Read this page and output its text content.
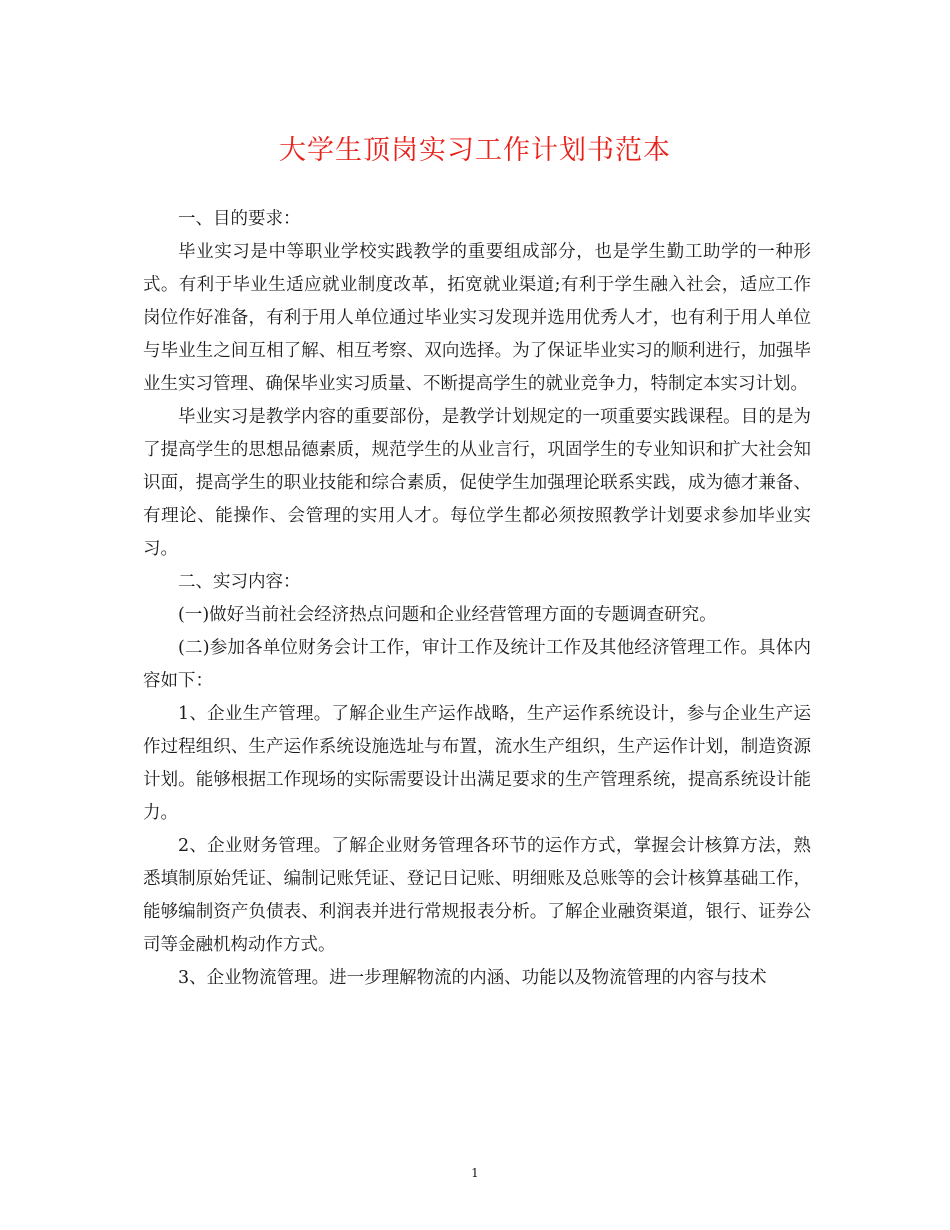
大学生顶岗实习工作计划书范本

一、目的要求：

毕业实习是中等职业学校实践教学的重要组成部分，也是学生勤工助学的一种形式。有利于毕业生适应就业制度改革，拓宽就业渠道;有利于学生融入社会，适应工作岗位作好准备，有利于用人单位通过毕业实习发现并选用优秀人才，也有利于用人单位与毕业生之间互相了解、相互考察、双向选择。为了保证毕业实习的顺利进行，加强毕业生实习管理、确保毕业实习质量、不断提高学生的就业竞争力，特制定本实习计划。

毕业实习是教学内容的重要部份，是教学计划规定的一项重要实践课程。目的是为了提高学生的思想品德素质，规范学生的从业言行，巩固学生的专业知识和扩大社会知识面，提高学生的职业技能和综合素质，促使学生加强理论联系实践，成为德才兼备、有理论、能操作、会管理的实用人才。每位学生都必须按照教学计划要求参加毕业实习。

二、实习内容：

(一)做好当前社会经济热点问题和企业经营管理方面的专题调查研究。

(二)参加各单位财务会计工作，审计工作及统计工作及其他经济管理工作。具体内容如下：

1、企业生产管理。了解企业生产运作战略，生产运作系统设计，参与企业生产运作过程组织、生产运作系统设施选址与布置，流水生产组织，生产运作计划，制造资源计划。能够根据工作现场的实际需要设计出满足要求的生产管理系统，提高系统设计能力。

2、企业财务管理。了解企业财务管理各环节的运作方式，掌握会计核算方法，熟悉填制原始凭证、编制记账凭证、登记日记账、明细账及总账等的会计核算基础工作，能够编制资产负债表、利润表并进行常规报表分析。了解企业融资渠道，银行、证券公司等金融机构动作方式。

3、企业物流管理。进一步理解物流的内涵、功能以及物流管理的内容与技术

1
